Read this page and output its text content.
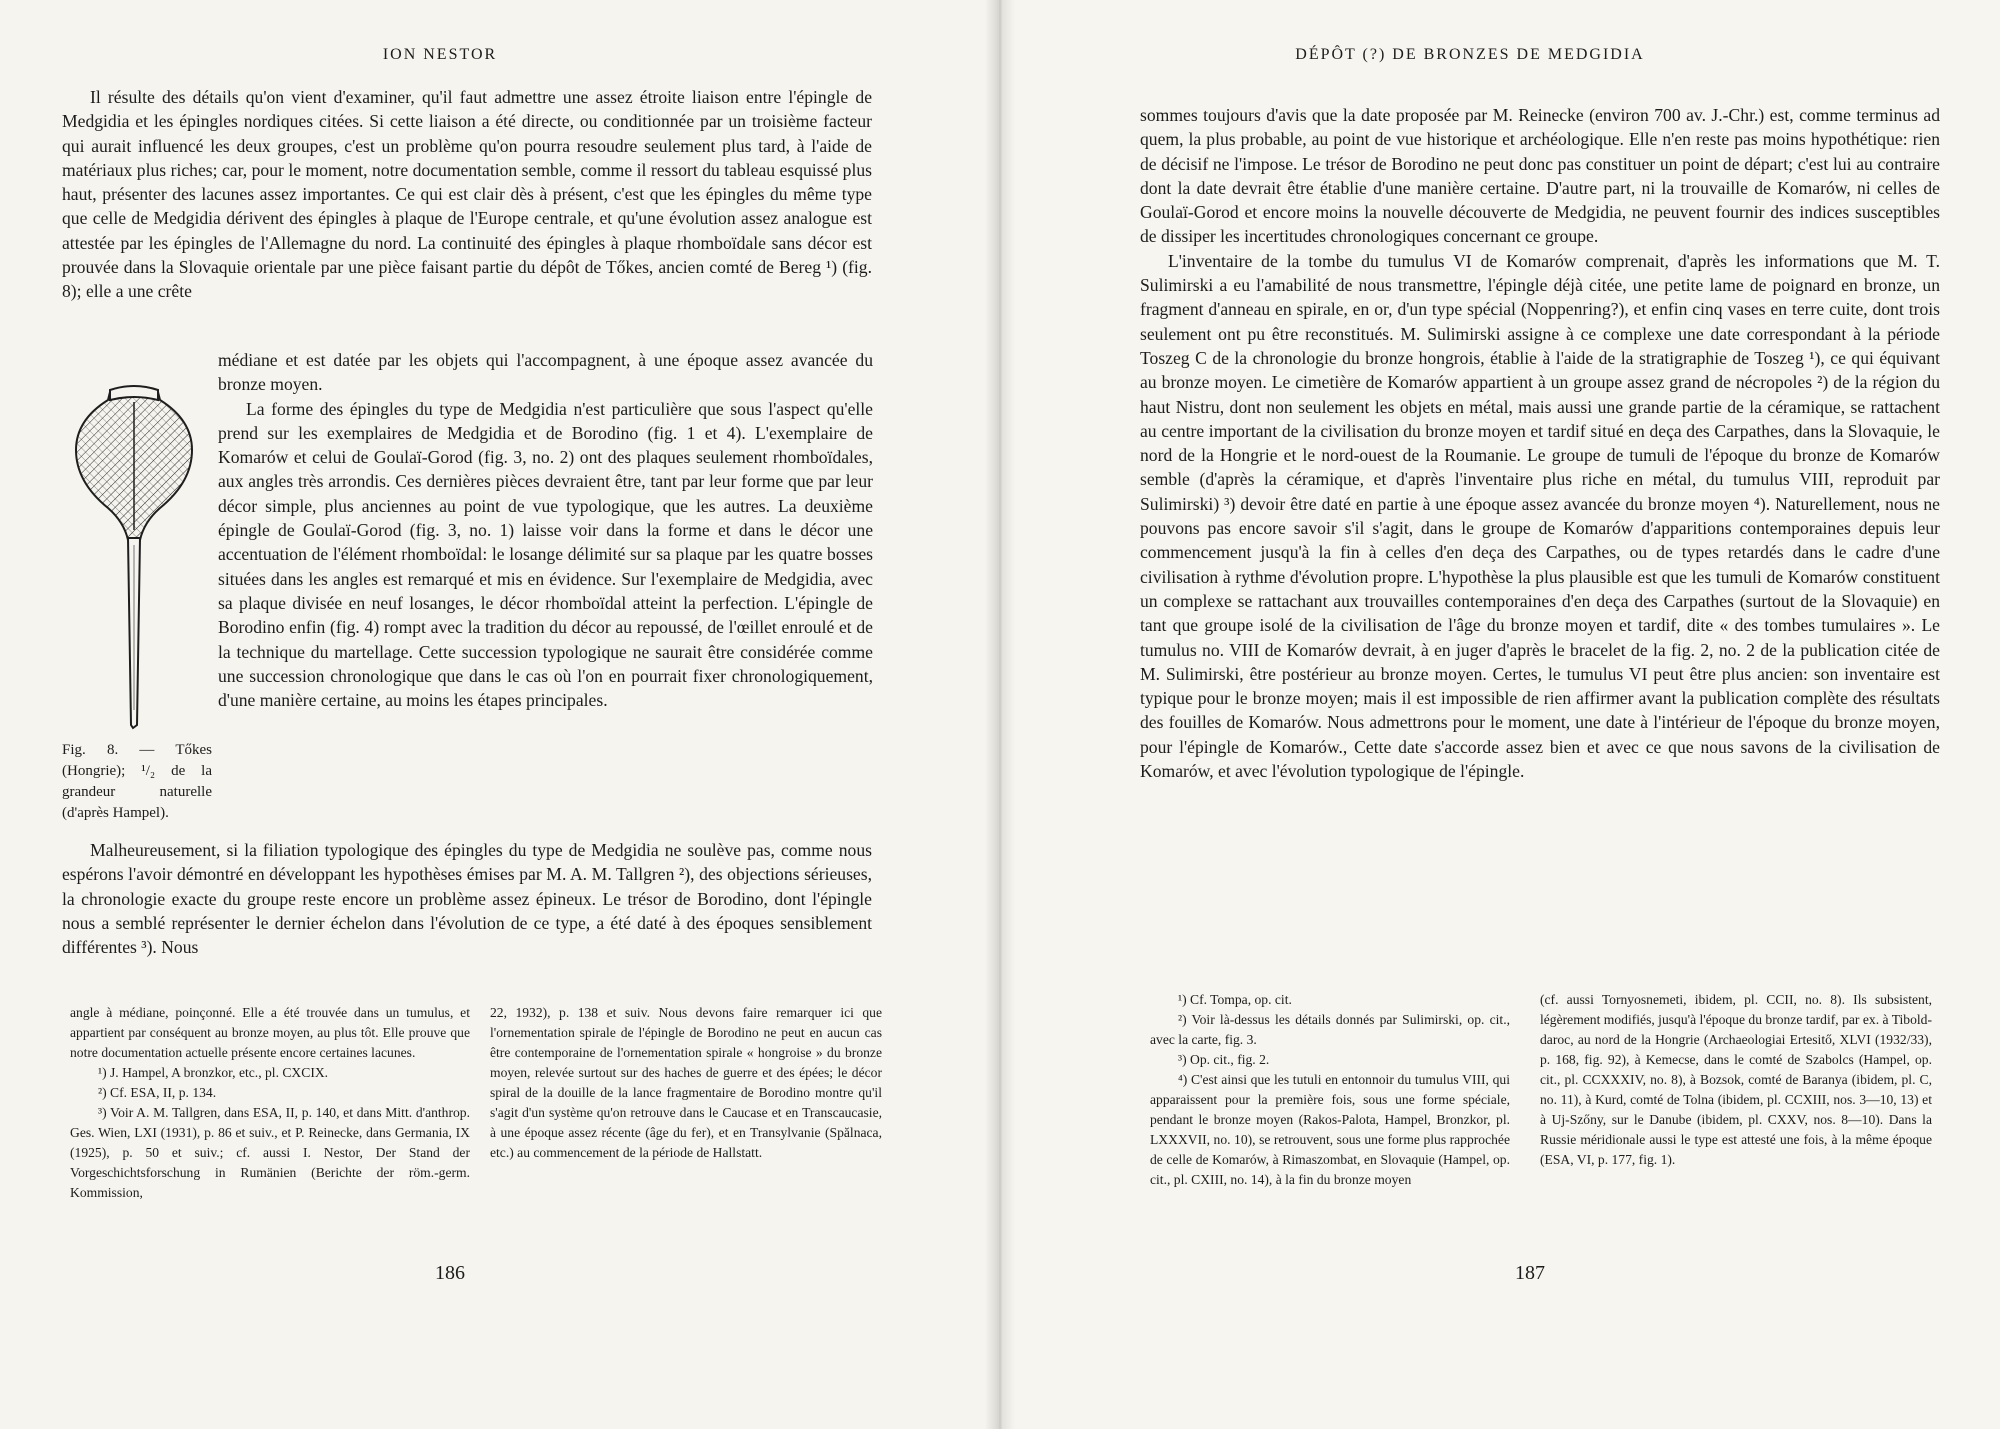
ION NESTOR

Il résulte des détails qu'on vient d'examiner, qu'il faut admettre une assez étroite liaison entre l'épingle de Medgidia et les épingles nordiques citées. Si cette liaison a été directe, ou conditionnée par un troisième facteur qui aurait influencé les deux groupes, c'est un problème qu'on pourra resoudre seulement plus tard, à l'aide de matériaux plus riches; car, pour le moment, notre documentation semble, comme il ressort du tableau esquissé plus haut, présenter des lacunes assez importantes. Ce qui est clair dès à présent, c'est que les épingles du même type que celle de Medgidia dérivent des épingles à plaque de l'Europe centrale, et qu'une évolution assez analogue est attestée par les épingles de l'Allemagne du nord. La continuité des épingles à plaque rhomboïdale sans décor est prouvée dans la Slovaquie orientale par une pièce faisant partie du dépôt de Tőkes, ancien comté de Bereg ¹) (fig. 8); elle a une crête

Fig. 8. — Tőkes (Hongrie); ¹/₂ de la grandeur naturelle (d'après Hampel).

médiane et est datée par les objets qui l'accompagnent, à une époque assez avancée du bronze moyen.

La forme des épingles du type de Medgidia n'est particulière que sous l'aspect qu'elle prend sur les exemplaires de Medgidia et de Borodino (fig. 1 et 4). L'exemplaire de Komarów et celui de Goulaï-Gorod (fig. 3, no. 2) ont des plaques seulement rhomboïdales, aux angles très arrondis. Ces dernières pièces devraient être, tant par leur forme que par leur décor simple, plus anciennes au point de vue typologique, que les autres. La deuxième épingle de Goulaï-Gorod (fig. 3, no. 1) laisse voir dans la forme et dans le décor une accentuation de l'élément rhomboïdal: le losange délimité sur sa plaque par les quatre bosses situées dans les angles est remarqué et mis en évidence. Sur l'exemplaire de Medgidia, avec sa plaque divisée en neuf losanges, le décor rhomboïdal atteint la perfection. L'épingle de Borodino enfin (fig. 4) rompt avec la tradition du décor au repoussé, de l'œillet enroulé et de la technique du martellage. Cette succession typologique ne saurait être considérée comme une succession chronologique que dans le cas où l'on en pourrait fixer chronologiquement, d'une manière certaine, au moins les étapes principales.

Malheureusement, si la filiation typologique des épingles du type de Medgidia ne soulève pas, comme nous espérons l'avoir démontré en développant les hypothèses émises par M. A. M. Tallgren ²), des objections sérieuses, la chronologie exacte du groupe reste encore un problème assez épineux. Le trésor de Borodino, dont l'épingle nous a semblé représenter le dernier échelon dans l'évolution de ce type, a été daté à des époques sensiblement différentes ³). Nous

angle à médiane, poinçonné. Elle a été trouvée dans un tumulus, et appartient par conséquent au bronze moyen, au plus tôt. Elle prouve que notre documentation actuelle présente encore certaines lacunes.

¹) J. Hampel, A bronzkor, etc., pl. CXCIX.

²) Cf. ESA, II, p. 134.

³) Voir A. M. Tallgren, dans ESA, II, p. 140, et dans Mitt. d'anthrop. Ges. Wien, LXI (1931), p. 86 et suiv., et P. Reinecke, dans Germania, IX (1925), p. 50 et suiv.; cf. aussi I. Nestor, Der Stand der Vorgeschichtsforschung in Rumänien (Berichte der röm.-germ. Kommission,

22, 1932), p. 138 et suiv. Nous devons faire remarquer ici que l'ornementation spirale de l'épingle de Borodino ne peut en aucun cas être contemporaine de l'ornementation spirale « hongroise » du bronze moyen, relevée surtout sur des haches de guerre et des épées; le décor spiral de la douille de la lance fragmentaire de Borodino montre qu'il s'agit d'un système qu'on retrouve dans le Caucase et en Transcaucasie, à une époque assez récente (âge du fer), et en Transylvanie (Spălnaca, etc.) au commencement de la période de Hallstatt.

186
DÉPÔT (?) DE BRONZES DE MEDGIDIA

sommes toujours d'avis que la date proposée par M. Reinecke (environ 700 av. J.-Chr.) est, comme terminus ad quem, la plus probable, au point de vue historique et archéologique. Elle n'en reste pas moins hypothétique: rien de décisif ne l'impose. Le trésor de Borodino ne peut donc pas constituer un point de départ; c'est lui au contraire dont la date devrait être établie d'une manière certaine. D'autre part, ni la trouvaille de Komarów, ni celles de Goulaï-Gorod et encore moins la nouvelle découverte de Medgidia, ne peuvent fournir des indices susceptibles de dissiper les incertitudes chronologiques concernant ce groupe.

L'inventaire de la tombe du tumulus VI de Komarów comprenait, d'après les informations que M. T. Sulimirski a eu l'amabilité de nous transmettre, l'épingle déjà citée, une petite lame de poignard en bronze, un fragment d'anneau en spirale, en or, d'un type spécial (Noppenring?), et enfin cinq vases en terre cuite, dont trois seulement ont pu être reconstitués. M. Sulimirski assigne à ce complexe une date correspondant à la période Toszeg C de la chronologie du bronze hongrois, établie à l'aide de la stratigraphie de Toszeg ¹), ce qui équivant au bronze moyen. Le cimetière de Komarów appartient à un groupe assez grand de nécropoles ²) de la région du haut Nistru, dont non seulement les objets en métal, mais aussi une grande partie de la céramique, se rattachent au centre important de la civilisation du bronze moyen et tardif situé en deça des Carpathes, dans la Slovaquie, le nord de la Hongrie et le nord-ouest de la Roumanie. Le groupe de tumuli de l'époque du bronze de Komarów semble (d'après la céramique, et d'après l'inventaire plus riche en métal, du tumulus VIII, reproduit par Sulimirski) ³) devoir être daté en partie à une époque assez avancée du bronze moyen ⁴). Naturellement, nous ne pouvons pas encore savoir s'il s'agit, dans le groupe de Komarów d'apparitions contemporaines depuis leur commencement jusqu'à la fin à celles d'en deça des Carpathes, ou de types retardés dans le cadre d'une civilisation à rythme d'évolution propre. L'hypothèse la plus plausible est que les tumuli de Komarów constituent un complexe se rattachant aux trouvailles contemporaines d'en deça des Carpathes (surtout de la Slovaquie) en tant que groupe isolé de la civilisation de l'âge du bronze moyen et tardif, dite « des tombes tumulaires ». Le tumulus no. VIII de Komarów devrait, à en juger d'après le bracelet de la fig. 2, no. 2 de la publication citée de M. Sulimirski, être postérieur au bronze moyen. Certes, le tumulus VI peut être plus ancien: son inventaire est typique pour le bronze moyen; mais il est impossible de rien affirmer avant la publication complète des résultats des fouilles de Komarów. Nous admettrons pour le moment, une date à l'intérieur de l'époque du bronze moyen, pour l'épingle de Komarów., Cette date s'accorde assez bien et avec ce que nous savons de la civilisation de Komarów, et avec l'évolution typologique de l'épingle.

¹) Cf. Tompa, op. cit.

²) Voir là-dessus les détails donnés par Sulimirski, op. cit., avec la carte, fig. 3.

³) Op. cit., fig. 2.

⁴) C'est ainsi que les tutuli en entonnoir du tumulus VIII, qui apparaissent pour la première fois, sous une forme spéciale, pendant le bronze moyen (Rakos-Palota, Hampel, Bronzkor, pl. LXXXVII, no. 10), se retrouvent, sous une forme plus rapprochée de celle de Komarów, à Rimaszombat, en Slovaquie (Hampel, op. cit., pl. CXIII, no. 14), à la fin du bronze moyen

(cf. aussi Tornyosnemeti, ibidem, pl. CCII, no. 8). Ils subsistent, légèrement modifiés, jusqu'à l'époque du bronze tardif, par ex. à Tibold-daroc, au nord de la Hongrie (Archaeologiai Ertesitő, XLVI (1932/33), p. 168, fig. 92), à Kemecse, dans le comté de Szabolcs (Hampel, op. cit., pl. CCXXXIV, no. 8), à Bozsok, comté de Baranya (ibidem, pl. C, no. 11), à Kurd, comté de Tolna (ibidem, pl. CCXIII, nos. 3—10, 13) et à Uj-Szőny, sur le Danube (ibidem, pl. CXXV, nos. 8—10). Dans la Russie méridionale aussi le type est attesté une fois, à la même époque (ESA, VI, p. 177, fig. 1).

187
